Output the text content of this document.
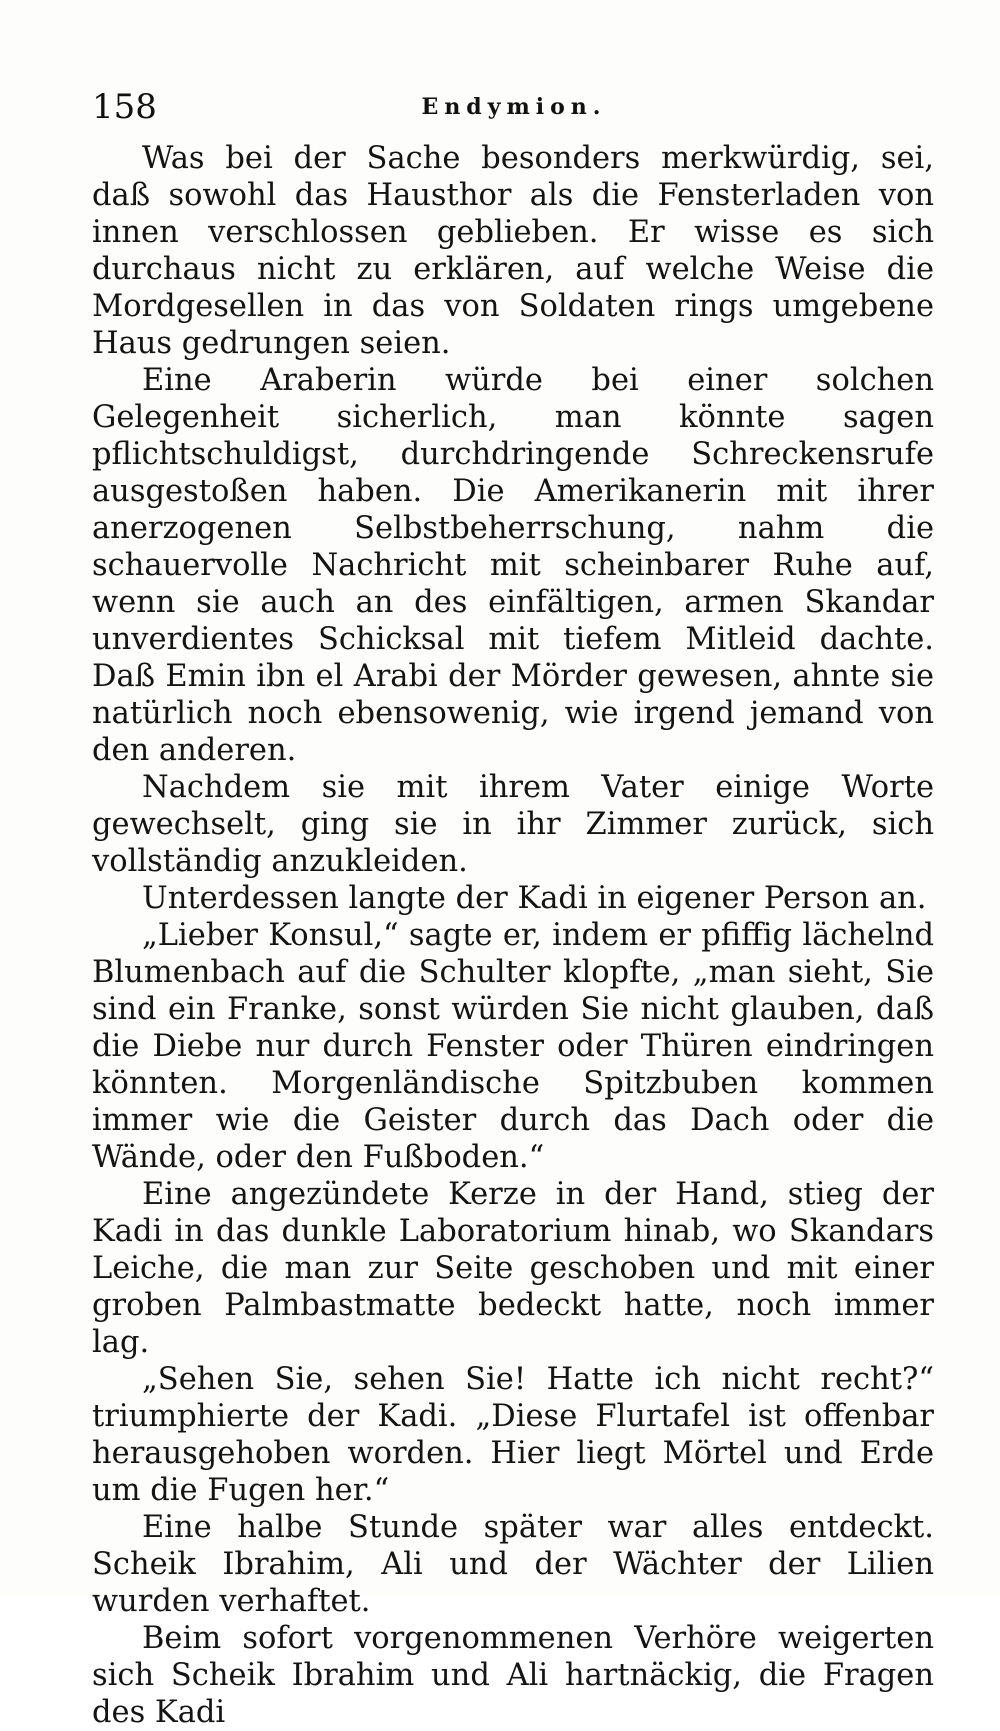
158	Endymion.

Was bei der Sache besonders merkwürdig, sei, daß sowohl das Hausthor als die Fensterladen von innen verschlossen geblieben. Er wisse es sich durchaus nicht zu erklären, auf welche Weise die Mordgesellen in das von Soldaten rings umgebene Haus gedrungen seien.

Eine Araberin würde bei einer solchen Gelegenheit sicherlich, man könnte sagen pflichtschuldigst, durchdringende Schreckensrufe ausgestoßen haben. Die Amerikanerin mit ihrer anerzogenen Selbstbeherrschung, nahm die schauervolle Nachricht mit scheinbarer Ruhe auf, wenn sie auch an des einfältigen, armen Skandar unverdientes Schicksal mit tiefem Mitleid dachte. Daß Emin ibn el Arabi der Mörder gewesen, ahnte sie natürlich noch ebensowenig, wie irgend jemand von den anderen.

Nachdem sie mit ihrem Vater einige Worte gewechselt, ging sie in ihr Zimmer zurück, sich vollständig anzukleiden.

Unterdessen langte der Kadi in eigener Person an.

„Lieber Konsul,“ sagte er, indem er pfiffig lächelnd Blumenbach auf die Schulter klopfte, „man sieht, Sie sind ein Franke, sonst würden Sie nicht glauben, daß die Diebe nur durch Fenster oder Thüren eindringen könnten. Morgenländische Spitzbuben kommen immer wie die Geister durch das Dach oder die Wände, oder den Fußboden.“

Eine angezündete Kerze in der Hand, stieg der Kadi in das dunkle Laboratorium hinab, wo Skandars Leiche, die man zur Seite geschoben und mit einer groben Palmbastmatte bedeckt hatte, noch immer lag.

„Sehen Sie, sehen Sie! Hatte ich nicht recht?“ triumphierte der Kadi. „Diese Flurtafel ist offenbar herausgehoben worden. Hier liegt Mörtel und Erde um die Fugen her.“

Eine halbe Stunde später war alles entdeckt. Scheik Ibrahim, Ali und der Wächter der Lilien wurden verhaftet.

Beim sofort vorgenommenen Verhöre weigerten sich Scheik Ibrahim und Ali hartnäckig, die Fragen des Kadi
